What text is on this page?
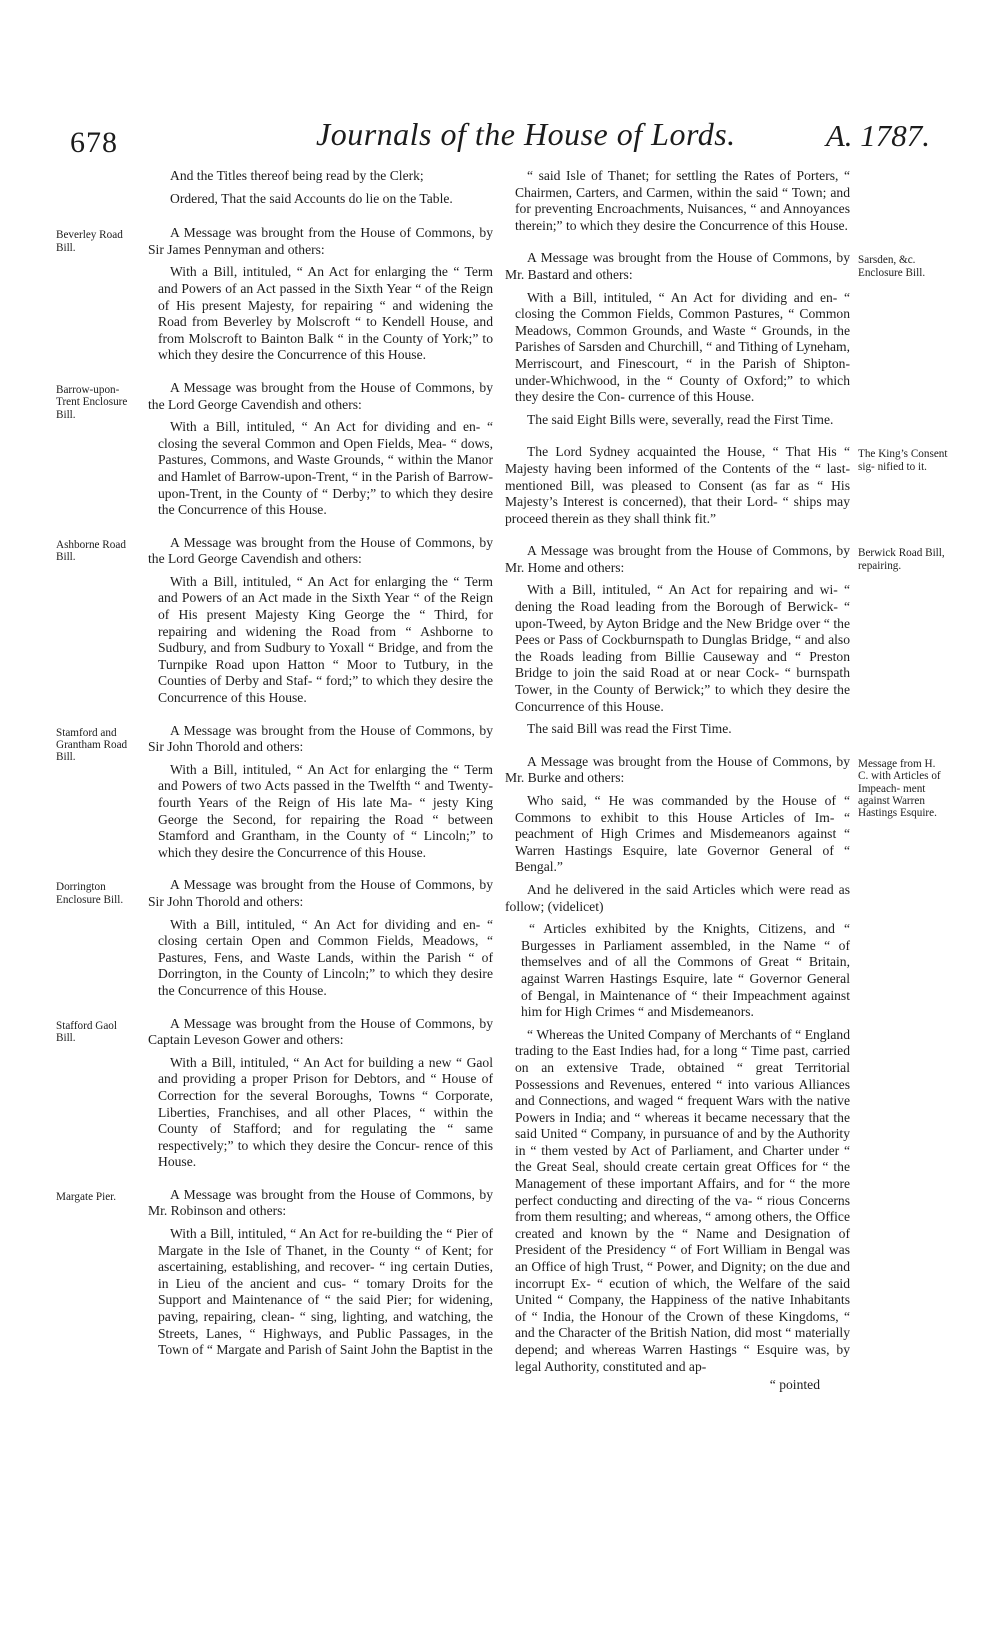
678	Journals of the House of Lords.	A. 1787.

And the Titles thereof being read by the Clerk;

Ordered, That the said Accounts do lie on the Table.

Beverley Road Bill.

A Message was brought from the House of Commons, by Sir James Pennyman and others:

With a Bill, intituled, “ An Act for enlarging the “ Term and Powers of an Act passed in the Sixth Year “ of the Reign of His present Majesty, for repairing “ and widening the Road from Beverley by Molscroft “ to Kendell House, and from Molscroft to Bainton Balk “ in the County of York;” to which they desire the Concurrence of this House.

Barrow-upon-Trent Enclosure Bill.

A Message was brought from the House of Commons, by the Lord George Cavendish and others:

With a Bill, intituled, “ An Act for dividing and en- “ closing the several Common and Open Fields, Mea- “ dows, Pastures, Commons, and Waste Grounds, “ within the Manor and Hamlet of Barrow-upon-Trent, “ in the Parish of Barrow-upon-Trent, in the County of “ Derby;” to which they desire the Concurrence of this House.

Ashborne Road Bill.

A Message was brought from the House of Commons, by the Lord George Cavendish and others:

With a Bill, intituled, “ An Act for enlarging the “ Term and Powers of an Act made in the Sixth Year “ of the Reign of His present Majesty King George the “ Third, for repairing and widening the Road from “ Ashborne to Sudbury, and from Sudbury to Yoxall “ Bridge, and from the Turnpike Road upon Hatton “ Moor to Tutbury, in the Counties of Derby and Staf- “ ford;” to which they desire the Concurrence of this House.

Stamford and Grantham Road Bill.

A Message was brought from the House of Commons, by Sir John Thorold and others:

With a Bill, intituled, “ An Act for enlarging the “ Term and Powers of two Acts passed in the Twelfth “ and Twenty-fourth Years of the Reign of His late Ma- “ jesty King George the Second, for repairing the Road “ between Stamford and Grantham, in the County of “ Lincoln;” to which they desire the Concurrence of this House.

Dorrington Enclosure Bill.

A Message was brought from the House of Commons, by Sir John Thorold and others:

With a Bill, intituled, “ An Act for dividing and en- “ closing certain Open and Common Fields, Meadows, “ Pastures, Fens, and Waste Lands, within the Parish “ of Dorrington, in the County of Lincoln;” to which they desire the Concurrence of this House.

Stafford Gaol Bill.

A Message was brought from the House of Commons, by Captain Leveson Gower and others:

With a Bill, intituled, “ An Act for building a new “ Gaol and providing a proper Prison for Debtors, and “ House of Correction for the several Boroughs, Towns “ Corporate, Liberties, Franchises, and all other Places, “ within the County of Stafford; and for regulating the “ same respectively;” to which they desire the Concur- rence of this House.

Margate Pier.	A Message was brought from the House of Commons, by Mr. Robinson and others:

With a Bill, intituled, “ An Act for re-building the “ Pier of Margate in the Isle of Thanet, in the County “ of Kent; for ascertaining, establishing, and recover- “ ing certain Duties, in Lieu of the ancient and cus- “ tomary Droits for the Support and Maintenance of “ the said Pier; for widening, paving, repairing, clean- “ sing, lighting, and watching, the Streets, Lanes, “ Highways, and Public Passages, in the Town of “ Margate and Parish of Saint John the Baptist in the

“ said Isle of Thanet; for settling the Rates of Porters, “ Chairmen, Carters, and Carmen, within the said “ Town; and for preventing Encroachments, Nuisances, “ and Annoyances therein;” to which they desire the Concurrence of this House.

Sarsden, &c. Enclosure Bill.

A Message was brought from the House of Commons, by Mr. Bastard and others:

With a Bill, intituled, “ An Act for dividing and en- “ closing the Common Fields, Common Pastures, “ Common Meadows, Common Grounds, and Waste “ Grounds, in the Parishes of Sarsden and Churchill, “ and Tithing of Lyneham, Merriscourt, and Finescourt, “ in the Parish of Shipton-under-Whichwood, in the “ County of Oxford;” to which they desire the Con- currence of this House.

The said Eight Bills were, severally, read the First Time.

The King’s Consent sig- nified to it.

The Lord Sydney acquainted the House, “ That His “ Majesty having been informed of the Contents of the “ last-mentioned Bill, was pleased to Consent (as far as “ His Majesty’s Interest is concerned), that their Lord- “ ships may proceed therein as they shall think fit.”

Berwick Road Bill, repairing.

A Message was brought from the House of Commons, by Mr. Home and others:

With a Bill, intituled, “ An Act for repairing and wi- “ dening the Road leading from the Borough of Berwick- “ upon-Tweed, by Ayton Bridge and the New Bridge over “ the Pees or Pass of Cockburnspath to Dunglas Bridge, “ and also the Roads leading from Billie Causeway and “ Preston Bridge to join the said Road at or near Cock- “ burnspath Tower, in the County of Berwick;” to which they desire the Concurrence of this House.

The said Bill was read the First Time.

Message from H. C. with Articles of Impeach- ment against Warren Hastings Esquire.

A Message was brought from the House of Commons, by Mr. Burke and others:

Who said, “ He was commanded by the House of “ Commons to exhibit to this House Articles of Im- “ peachment of High Crimes and Misdemeanors against “ Warren Hastings Esquire, late Governor General of “ Bengal.”

And he delivered in the said Articles which were read as follow; (videlicet)

“ Articles exhibited by the Knights, Citizens, and “ Burgesses in Parliament assembled, in the Name “ of themselves and of all the Commons of Great “ Britain, against Warren Hastings Esquire, late “ Governor General of Bengal, in Maintenance of “ their Impeachment against him for High Crimes “ and Misdemeanors.

“ Whereas the United Company of Merchants of “ England trading to the East Indies had, for a long “ Time past, carried on an extensive Trade, obtained “ great Territorial Possessions and Revenues, entered “ into various Alliances and Connections, and waged “ frequent Wars with the native Powers in India; and “ whereas it became necessary that the said United “ Company, in pursuance of and by the Authority in “ them vested by Act of Parliament, and Charter under “ the Great Seal, should create certain great Offices for “ the Management of these important Affairs, and for “ the more perfect conducting and directing of the va- “ rious Concerns from them resulting; and whereas, “ among others, the Office created and known by the “ Name and Designation of President of the Presidency “ of Fort William in Bengal was an Office of high Trust, “ Power, and Dignity; on the due and incorrupt Ex- “ ecution of which, the Welfare of the said United “ Company, the Happiness of the native Inhabitants of “ India, the Honour of the Crown of these Kingdoms, “ and the Character of the British Nation, did most “ materially depend; and whereas Warren Hastings “ Esquire was, by legal Authority, constituted and ap-

“ pointed
